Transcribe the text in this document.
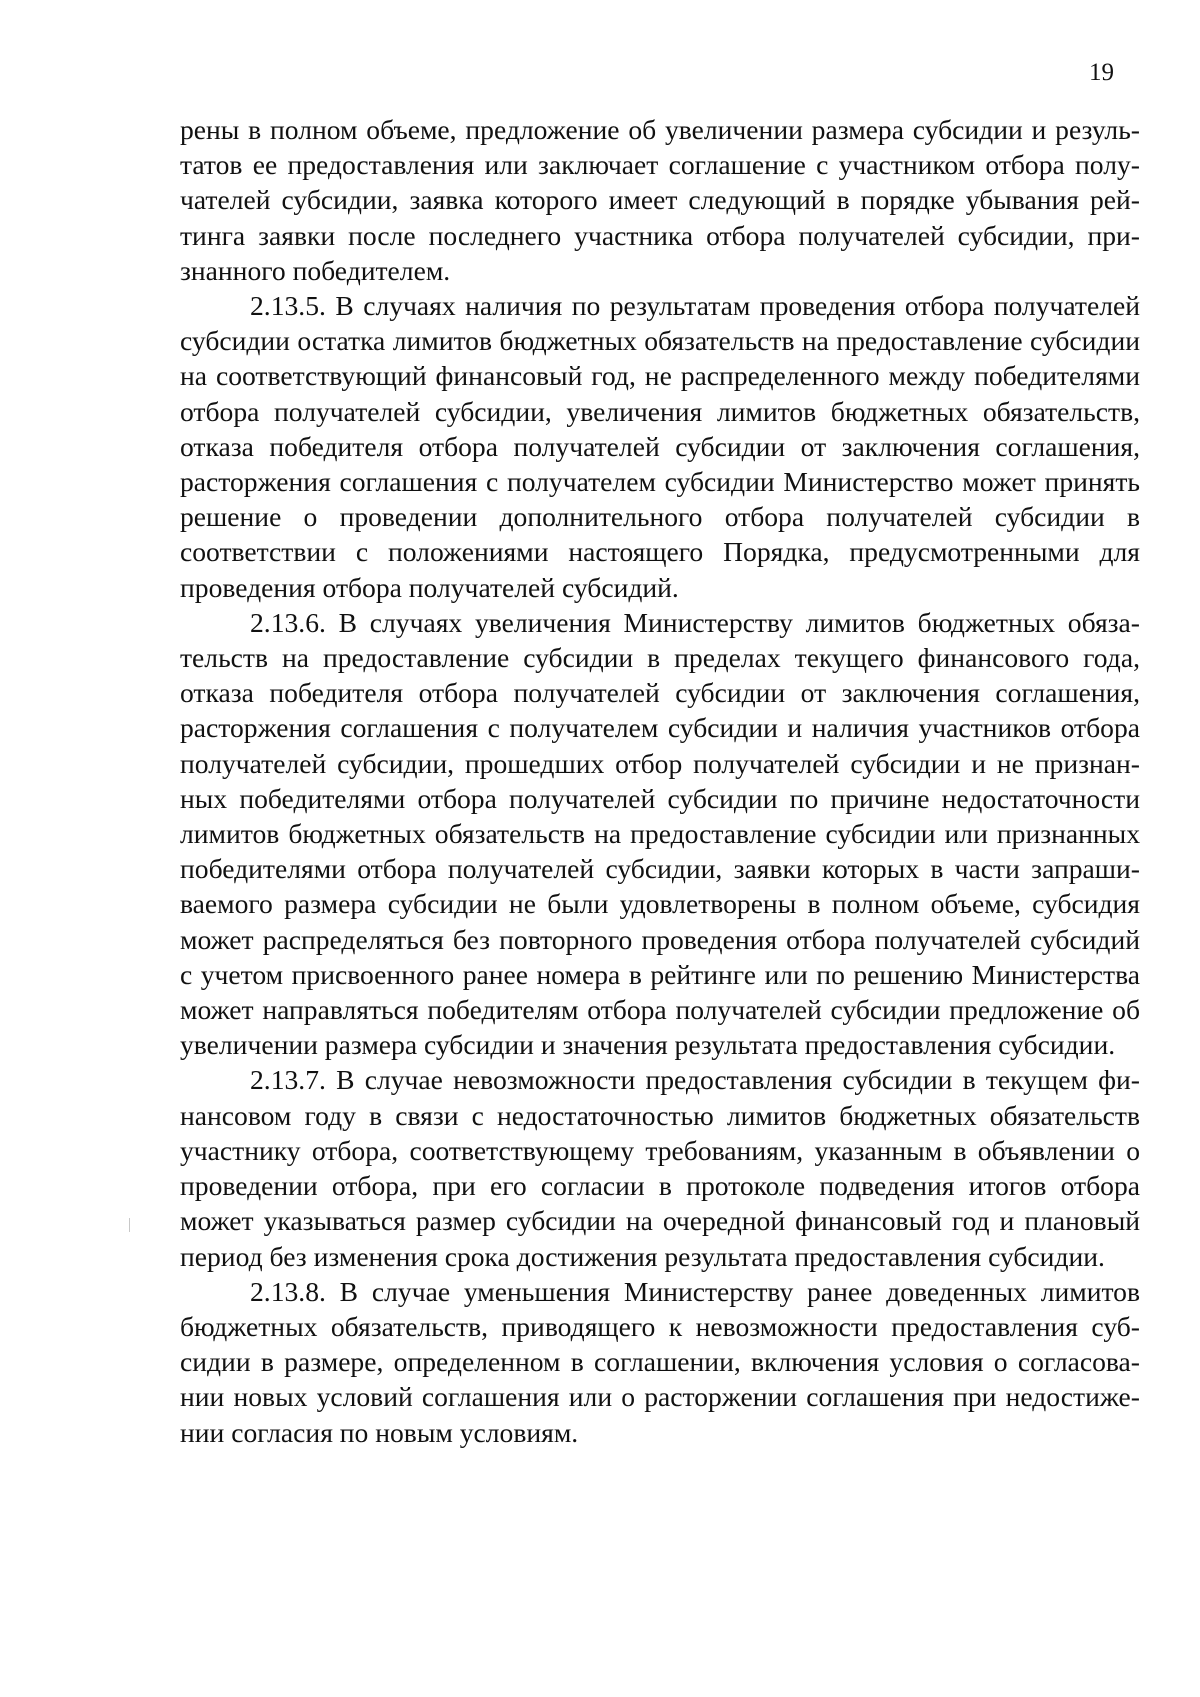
19

рены в полном объеме, предложение об увеличении размера субсидии и результатов ее предоставления или заключает соглашение с участником отбора получателей субсидии, заявка которого имеет следующий в порядке убывания рейтинга заявки после последнего участника отбора получателей субсидии, признанного победителем.

2.13.5. В случаях наличия по результатам проведения отбора получателей субсидии остатка лимитов бюджетных обязательств на предоставление субсидии на соответствующий финансовый год, не распределенного между победителями отбора получателей субсидии, увеличения лимитов бюджетных обязательств, отказа победителя отбора получателей субсидии от заключения соглашения, расторжения соглашения с получателем субсидии Министерство может принять решение о проведении дополнительного отбора получателей субсидии в соответствии с положениями настоящего Порядка, предусмотренными для проведения отбора получателей субсидий.

2.13.6. В случаях увеличения Министерству лимитов бюджетных обязательств на предоставление субсидии в пределах текущего финансового года, отказа победителя отбора получателей субсидии от заключения соглашения, расторжения соглашения с получателем субсидии и наличия участников отбора получателей субсидии, прошедших отбор получателей субсидии и не признанных победителями отбора получателей субсидии по причине недостаточности лимитов бюджетных обязательств на предоставление субсидии или признанных победителями отбора получателей субсидии, заявки которых в части запрашиваемого размера субсидии не были удовлетворены в полном объеме, субсидия может распределяться без повторного проведения отбора получателей субсидий с учетом присвоенного ранее номера в рейтинге или по решению Министерства может направляться победителям отбора получателей субсидии предложение об увеличении размера субсидии и значения результата предоставления субсидии.

2.13.7. В случае невозможности предоставления субсидии в текущем финансовом году в связи с недостаточностью лимитов бюджетных обязательств участнику отбора, соответствующему требованиям, указанным в объявлении о проведении отбора, при его согласии в протоколе подведения итогов отбора может указываться размер субсидии на очередной финансовый год и плановый период без изменения срока достижения результата предоставления субсидии.

2.13.8. В случае уменьшения Министерству ранее доведенных лимитов бюджетных обязательств, приводящего к невозможности предоставления субсидии в размере, определенном в соглашении, включения условия о согласовании новых условий соглашения или о расторжении соглашения при недостижении согласия по новым условиям.
